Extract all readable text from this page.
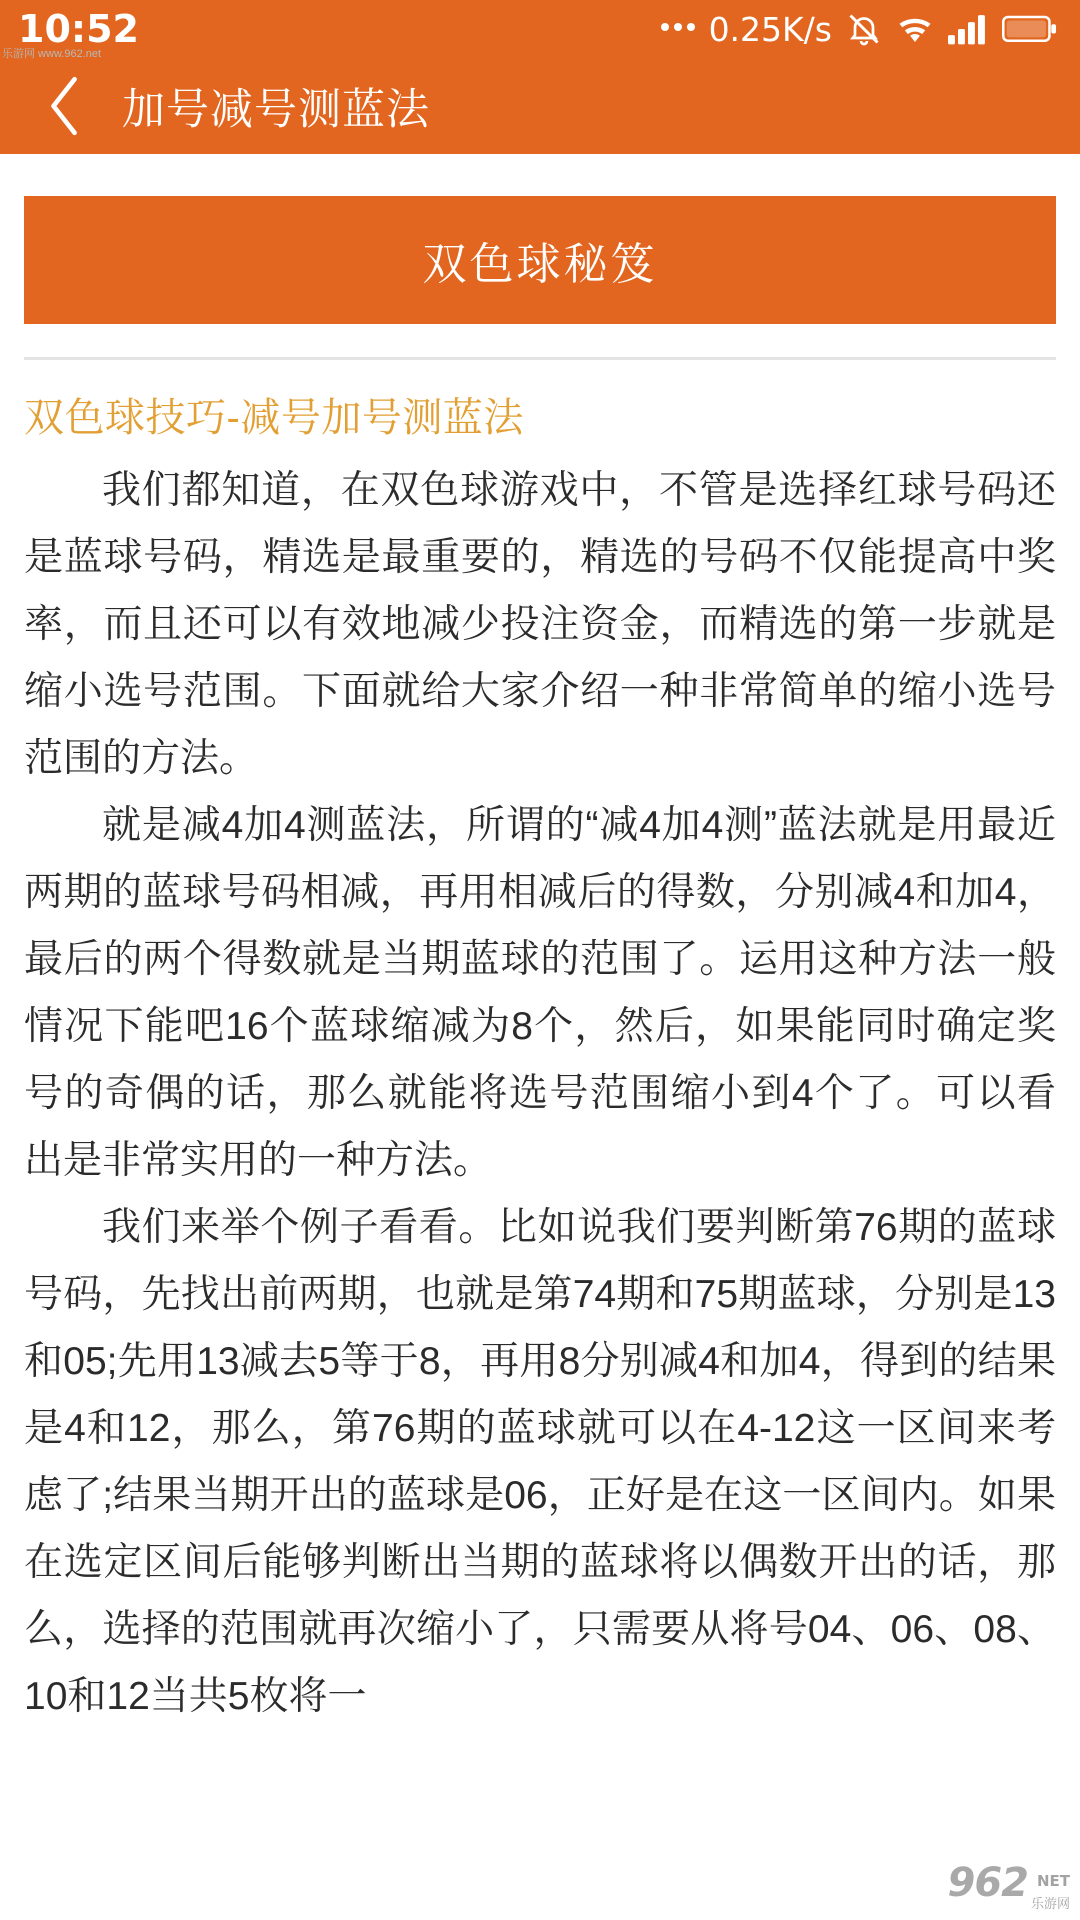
10:52	0.25K/s
乐游网 www.962.net
加号减号测蓝法
双色球秘笈
双色球技巧-减号加号测蓝法

我们都知道，在双色球游戏中，不管是选择红球号码还是蓝球号码，精选是最重要的，精选的号码不仅能提高中奖率，而且还可以有效地减少投注资金，而精选的第一步就是缩小选号范围。下面就给大家介绍一种非常简单的缩小选号范围的方法。

就是减4加4测蓝法，所谓的“减4加4测”蓝法就是用最近两期的蓝球号码相减，再用相减后的得数，分别减4和加4，最后的两个得数就是当期蓝球的范围了。运用这种方法一般情况下能吧16个蓝球缩减为8个，然后，如果能同时确定奖号的奇偶的话，那么就能将选号范围缩小到4个了。可以看出是非常实用的一种方法。

我们来举个例子看看。比如说我们要判断第76期的蓝球号码，先找出前两期，也就是第74期和75期蓝球，分别是13和05;先用13减去5等于8，再用8分别减4和加4，得到的结果是4和12，那么，第76期的蓝球就可以在4-12这一区间来考虑了;结果当期开出的蓝球是06，正好是在这一区间内。如果在选定区间后能够判断出当期的蓝球将以偶数开出的话，那么，选择的范围就再次缩小了，只需要从将号04、06、08、10和12当共5枚将一

962 NET
乐游网
